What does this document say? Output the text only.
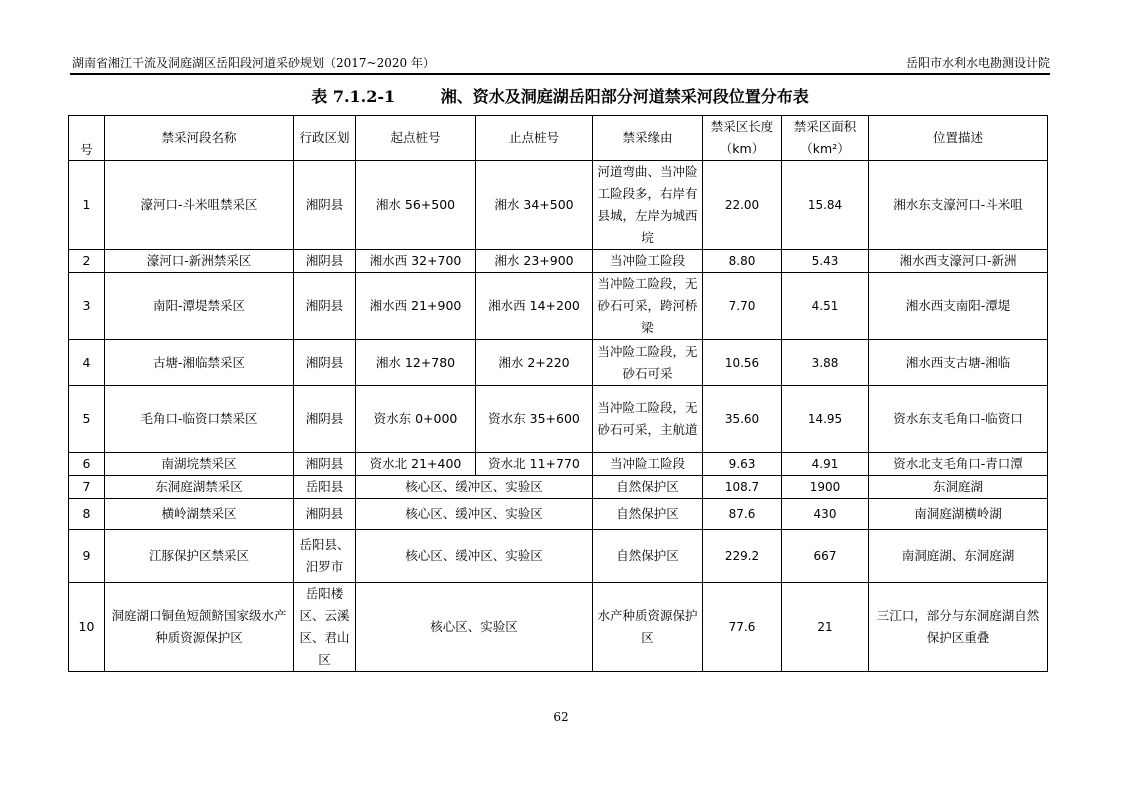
湖南省湘江干流及洞庭湖区岳阳段河道采砂规划（2017~2020 年）	岳阳市水利水电勘测设计院
表 7.1.2-1	湘、资水及洞庭湖岳阳部分河道禁采河段位置分布表
号	禁采河段名称	行政区划	起点桩号	止点桩号	禁采缘由	禁采区长度（km）	禁采区面积（km²）	位置描述
1	濠河口-斗米咀禁采区	湘阴县	湘水 56+500	湘水 34+500	河道弯曲、当冲险工险段多，右岸有县城，左岸为城西垸	22.00	15.84	湘水东支濠河口-斗米咀
2	濠河口-新洲禁采区	湘阴县	湘水西 32+700	湘水 23+900	当冲险工险段	8.80	5.43	湘水西支濠河口-新洲
3	南阳-潭堤禁采区	湘阴县	湘水西 21+900	湘水西 14+200	当冲险工险段，无砂石可采，跨河桥梁	7.70	4.51	湘水西支南阳-潭堤
4	古塘-湘临禁采区	湘阴县	湘水 12+780	湘水 2+220	当冲险工险段，无砂石可采	10.56	3.88	湘水西支古塘-湘临
5	毛角口-临资口禁采区	湘阴县	资水东 0+000	资水东 35+600	当冲险工险段，无砂石可采，主航道	35.60	14.95	资水东支毛角口-临资口
6	南湖垸禁采区	湘阴县	资水北 21+400	资水北 11+770	当冲险工险段	9.63	4.91	资水北支毛角口-青口潭
7	东洞庭湖禁采区	岳阳县	核心区、缓冲区、实验区		自然保护区	108.7	1900	东洞庭湖
8	横岭湖禁采区	湘阴县	核心区、缓冲区、实验区		自然保护区	87.6	430	南洞庭湖横岭湖
9	江豚保护区禁采区	岳阳县、汨罗市	核心区、缓冲区、实验区		自然保护区	229.2	667	南洞庭湖、东洞庭湖
10	洞庭湖口铜鱼短颌鲚国家级水产种质资源保护区	岳阳楼区、云溪区、君山区	核心区、实验区		水产种质资源保护区	77.6	21	三江口，部分与东洞庭湖自然保护区重叠
62
